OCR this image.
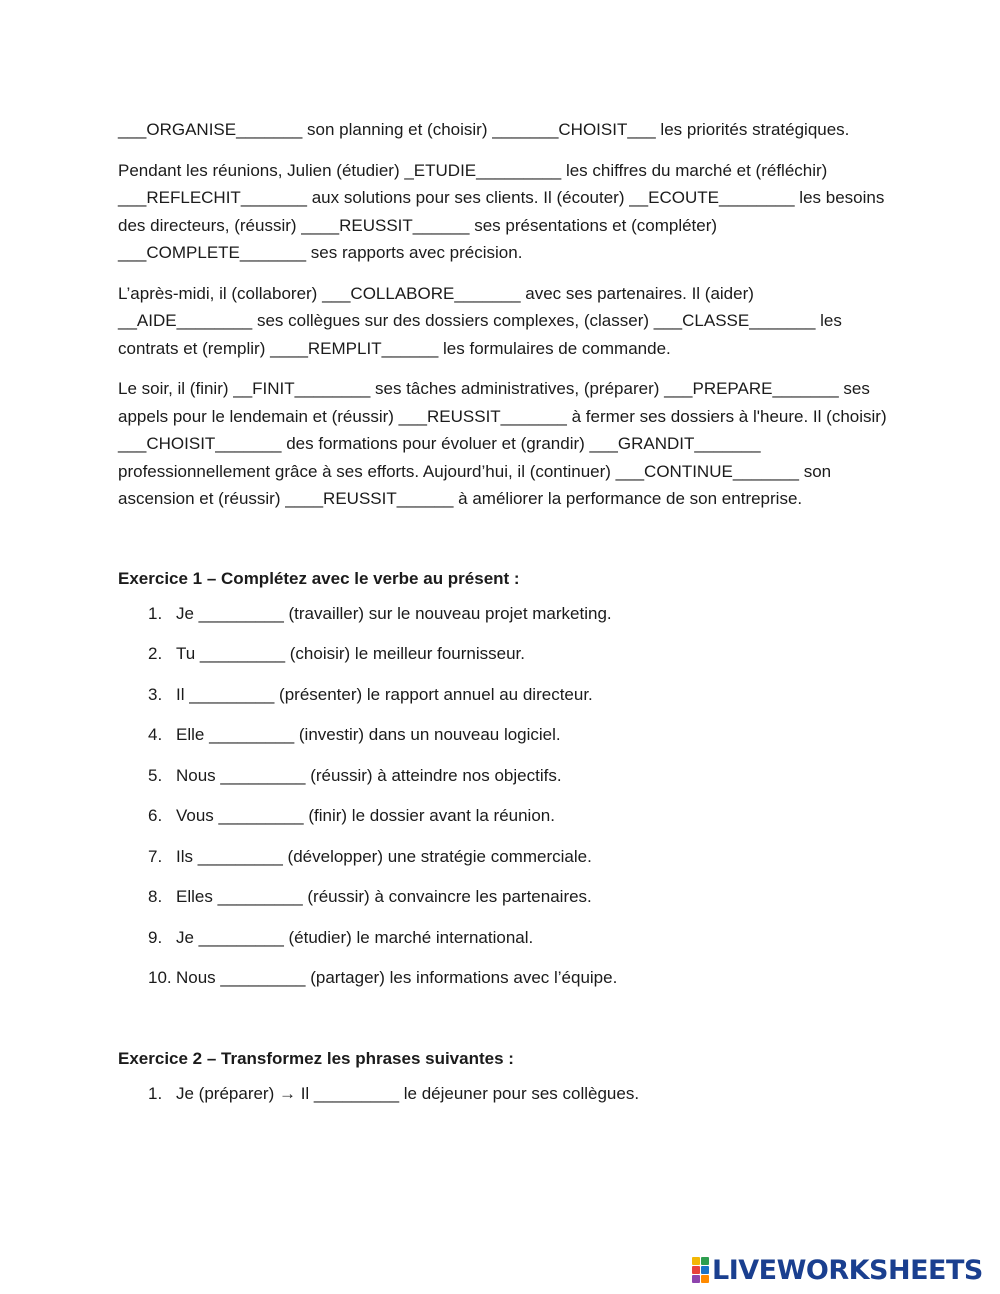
___ORGANISE_______ son planning et (choisir) _______CHOISIT___ les priorités stratégiques.

Pendant les réunions, Julien (étudier) _ETUDIE_________ les chiffres du marché et (réfléchir) ___REFLECHIT_______ aux solutions pour ses clients. Il (écouter) __ECOUTE________ les besoins des directeurs, (réussir) ____REUSSIT______ ses présentations et (compléter) ___COMPLETE_______ ses rapports avec précision.

L’après-midi, il (collaborer) ___COLLABORE_______ avec ses partenaires. Il (aider) __AIDE________ ses collègues sur des dossiers complexes, (classer) ___CLASSE_______ les contrats et (remplir) ____REMPLIT______ les formulaires de commande.

Le soir, il (finir) __FINIT________ ses tâches administratives, (préparer) ___PREPARE_______ ses appels pour le lendemain et (réussir) ___REUSSIT_______ à fermer ses dossiers à l'heure. Il (choisir) ___CHOISIT_______ des formations pour évoluer et (grandir) ___GRANDIT_______ professionnellement grâce à ses efforts. Aujourd’hui, il (continuer) ___CONTINUE_______ son ascension et (réussir) ____REUSSIT______ à améliorer la performance de son entreprise.

Exercice 1 – Complétez avec le verbe au présent :
1. Je _________ (travailler) sur le nouveau projet marketing.
2. Tu _________ (choisir) le meilleur fournisseur.
3. Il _________ (présenter) le rapport annuel au directeur.
4. Elle _________ (investir) dans un nouveau logiciel.
5. Nous _________ (réussir) à atteindre nos objectifs.
6. Vous _________ (finir) le dossier avant la réunion.
7. Ils _________ (développer) une stratégie commerciale.
8. Elles _________ (réussir) à convaincre les partenaires.
9. Je _________ (étudier) le marché international.
10. Nous _________ (partager) les informations avec l’équipe.
Exercice 2 – Transformez les phrases suivantes :
1. Je (préparer) → Il _________ le déjeuner pour ses collègues.
LIVEWORKSHEETS
